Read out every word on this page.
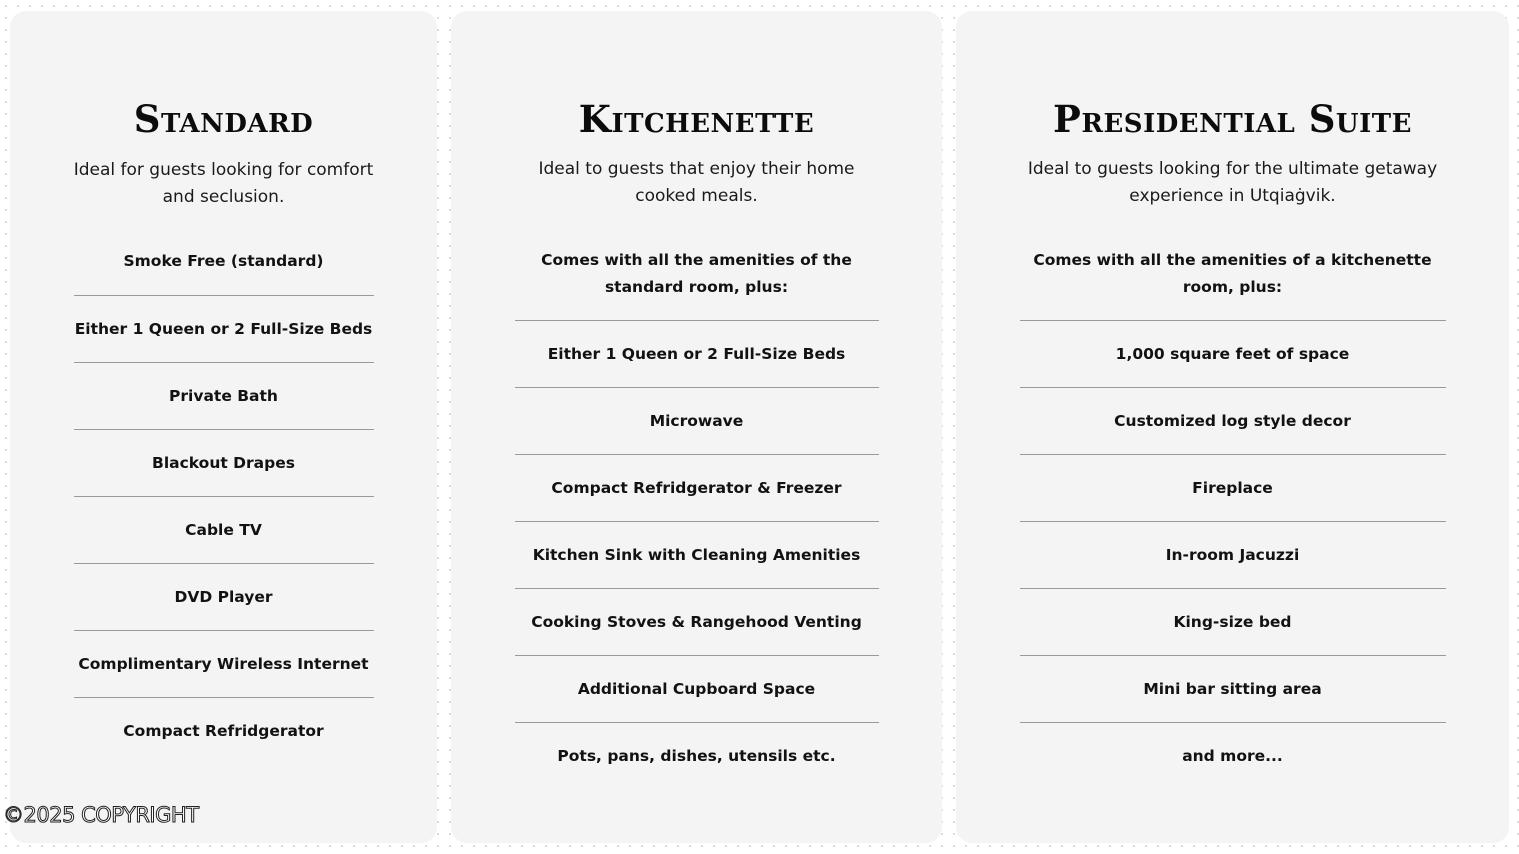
Standard

Ideal for guests looking for comfort and seclusion.

Smoke Free (standard)
Either 1 Queen or 2 Full-Size Beds
Private Bath
Blackout Drapes
Cable TV
DVD Player
Complimentary Wireless Internet
Compact Refridgerator
Kitchenette

Ideal to guests that enjoy their home cooked meals.

Comes with all the amenities of the standard room, plus:
Either 1 Queen or 2 Full-Size Beds
Microwave
Compact Refridgerator & Freezer
Kitchen Sink with Cleaning Amenities
Cooking Stoves & Rangehood Venting
Additional Cupboard Space
Pots, pans, dishes, utensils etc.
Presidential Suite

Ideal to guests looking for the ultimate getaway experience in Utqiaġvik.

Comes with all the amenities of a kitchenette room, plus:
1,000 square feet of space
Customized log style decor
Fireplace
In-room Jacuzzi
King-size bed
Mini bar sitting area
and more...
©2025 COPYRIGHT
